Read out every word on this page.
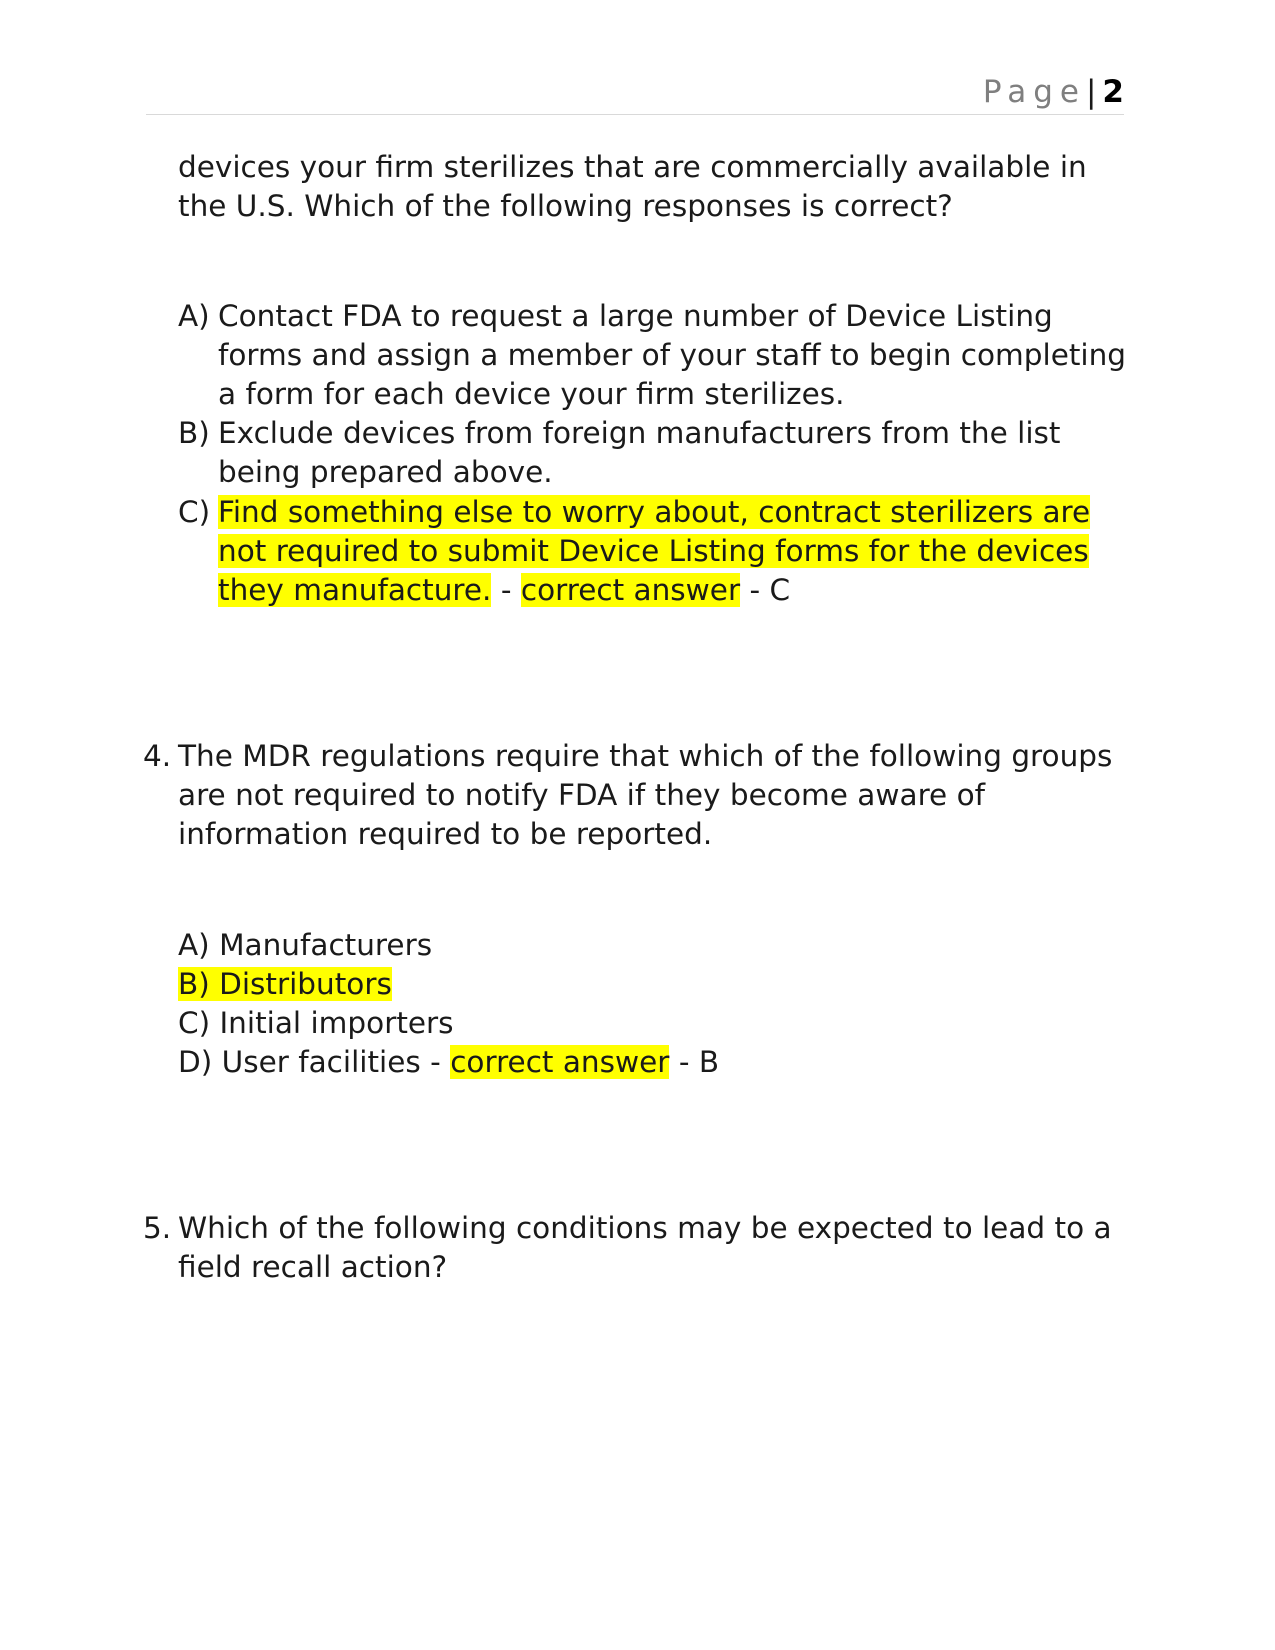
Page| 2

devices your firm sterilizes that are commercially available in

the U.S. Which of the following responses is correct?

A) Contact FDA to request a large number of Device Listing

forms and assign a member of your staff to begin completing

a form for each device your firm sterilizes.

B) Exclude devices from foreign manufacturers from the list

being prepared above.

C) Find something else to worry about, contract sterilizers are

not required to submit Device Listing forms for the devices

they manufacture. - correct answer - C

4. The MDR regulations require that which of the following groups

are not required to notify FDA if they become aware of

information required to be reported.

A) Manufacturers

B) Distributors

C) Initial importers

D) User facilities - correct answer - B

5. Which of the following conditions may be expected to lead to a

field recall action?
